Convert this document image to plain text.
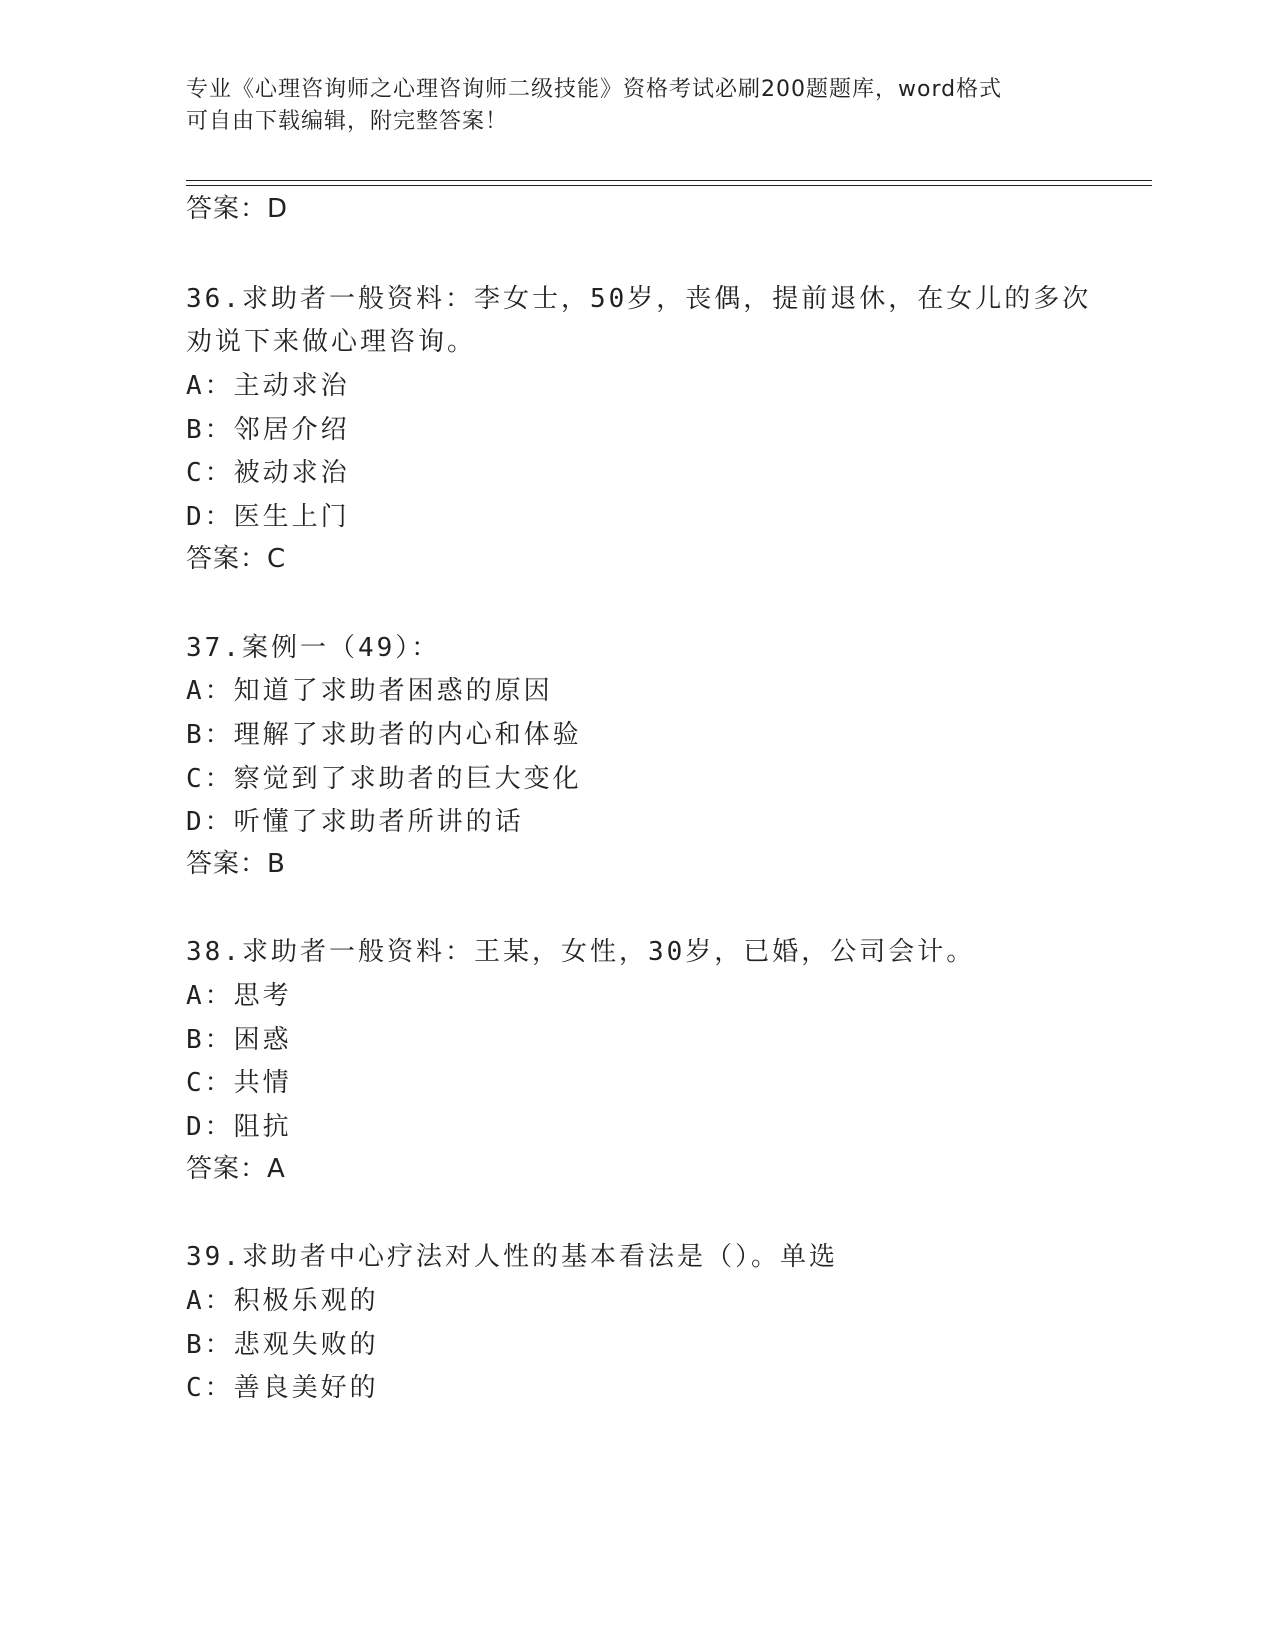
专业《心理咨询师之心理咨询师二级技能》资格考试必刷200题题库，word格式
可自由下载编辑，附完整答案！
答案：D
36.求助者一般资料：李女士，50岁，丧偶，提前退休，在女儿的多次
劝说下来做心理咨询。
A：主动求治
B：邻居介绍
C：被动求治
D：医生上门
答案：C
37.案例一（49）：
A：知道了求助者困惑的原因
B：理解了求助者的内心和体验
C：察觉到了求助者的巨大变化
D：听懂了求助者所讲的话
答案：B
38.求助者一般资料：王某，女性，30岁，已婚，公司会计。
A：思考
B：困惑
C：共情
D：阻抗
答案：A
39.求助者中心疗法对人性的基本看法是（）。单选
A：积极乐观的
B：悲观失败的
C：善良美好的
